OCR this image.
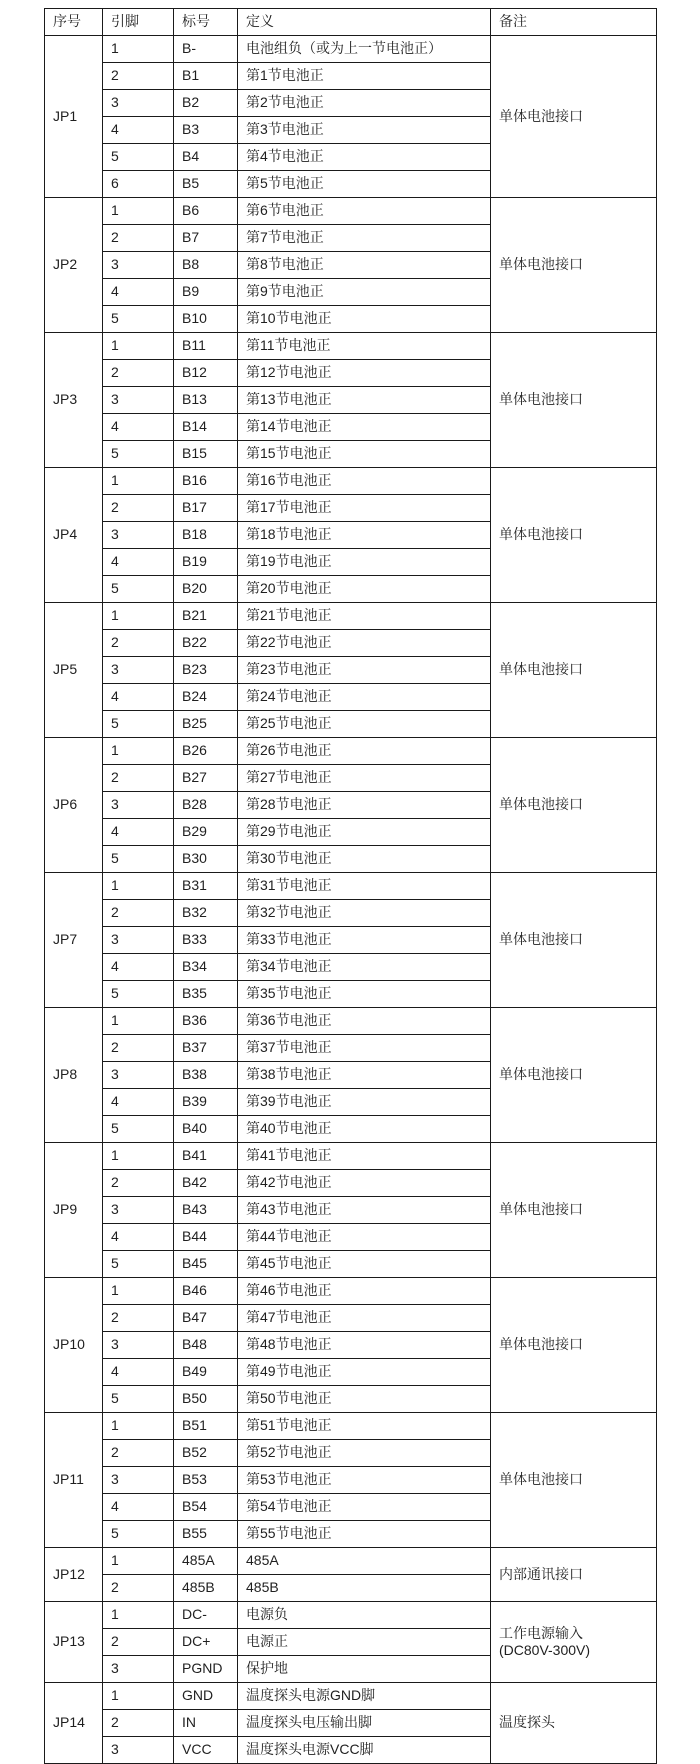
序号	引脚	标号	定义	备注
JP1	1	B-	电池组负（或为上一节电池正）	单体电池接口
	2	B1	第1节电池正	
	3	B2	第2节电池正	
	4	B3	第3节电池正	
	5	B4	第4节电池正	
	6	B5	第5节电池正	
JP2	1	B6	第6节电池正	单体电池接口
	2	B7	第7节电池正	
	3	B8	第8节电池正	
	4	B9	第9节电池正	
	5	B10	第10节电池正	
JP3	1	B11	第11节电池正	单体电池接口
	2	B12	第12节电池正	
	3	B13	第13节电池正	
	4	B14	第14节电池正	
	5	B15	第15节电池正	
JP4	1	B16	第16节电池正	单体电池接口
	2	B17	第17节电池正	
	3	B18	第18节电池正	
	4	B19	第19节电池正	
	5	B20	第20节电池正	
JP5	1	B21	第21节电池正	单体电池接口
	2	B22	第22节电池正	
	3	B23	第23节电池正	
	4	B24	第24节电池正	
	5	B25	第25节电池正	
JP6	1	B26	第26节电池正	单体电池接口
	2	B27	第27节电池正	
	3	B28	第28节电池正	
	4	B29	第29节电池正	
	5	B30	第30节电池正	
JP7	1	B31	第31节电池正	单体电池接口
	2	B32	第32节电池正	
	3	B33	第33节电池正	
	4	B34	第34节电池正	
	5	B35	第35节电池正	
JP8	1	B36	第36节电池正	单体电池接口
	2	B37	第37节电池正	
	3	B38	第38节电池正	
	4	B39	第39节电池正	
	5	B40	第40节电池正	
JP9	1	B41	第41节电池正	单体电池接口
	2	B42	第42节电池正	
	3	B43	第43节电池正	
	4	B44	第44节电池正	
	5	B45	第45节电池正	
JP10	1	B46	第46节电池正	单体电池接口
	2	B47	第47节电池正	
	3	B48	第48节电池正	
	4	B49	第49节电池正	
	5	B50	第50节电池正	
JP11	1	B51	第51节电池正	单体电池接口
	2	B52	第52节电池正	
	3	B53	第53节电池正	
	4	B54	第54节电池正	
	5	B55	第55节电池正	
JP12	1	485A	485A	内部通讯接口
	2	485B	485B	
JP13	1	DC-	电源负	工作电源输入
(DC80V-300V)
	2	DC+	电源正	
	3	PGND	保护地	
JP14	1	GND	温度探头电源GND脚	温度探头
	2	IN	温度探头电压输出脚	
	3	VCC	温度探头电源VCC脚	
